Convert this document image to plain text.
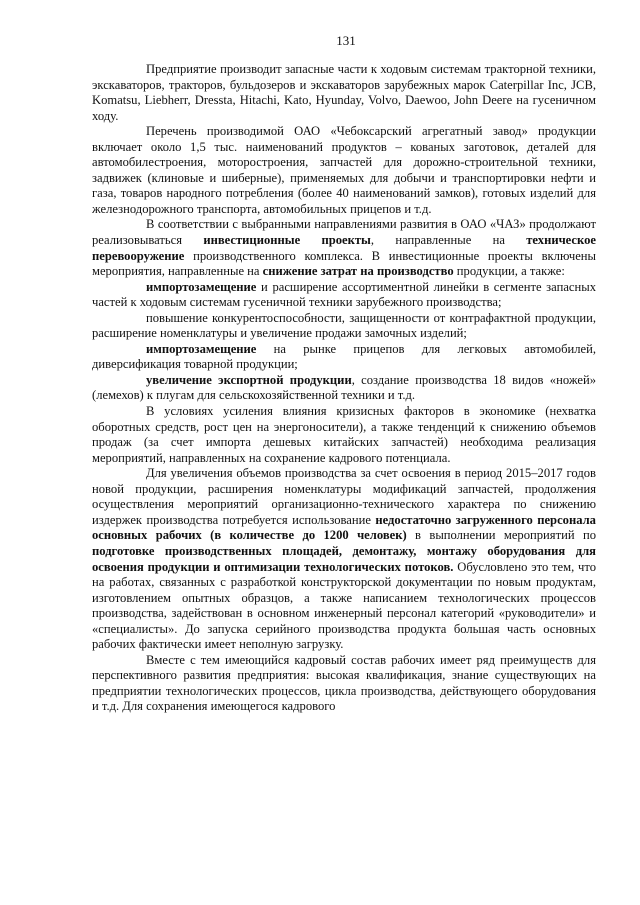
131

Предприятие производит запасные части к ходовым системам тракторной техники, экскаваторов, тракторов, бульдозеров и экскаваторов зарубежных марок Caterpillar Inc, JCB, Komatsu, Liebherr, Dressta, Hitachi, Kato, Hyunday, Volvo, Daewoo, John Deere на гусеничном ходу.

Перечень производимой ОАО «Чебоксарский агрегатный завод» продукции включает около 1,5 тыс. наименований продуктов – кованых заготовок, деталей для автомобилестроения, моторостроения, запчастей для дорожно-строительной техники, задвижек (клиновые и шиберные), применяемых для добычи и транспортировки нефти и газа, товаров народного потребления (более 40 наименований замков), готовых изделий для железнодорожного транспорта, автомобильных прицепов и т.д.

В соответствии с выбранными направлениями развития в ОАО «ЧАЗ» продолжают реализовываться инвестиционные проекты, направленные на техническое перевооружение производственного комплекса. В инвестиционные проекты включены мероприятия, направленные на снижение затрат на производство продукции, а также:

импортозамещение и расширение ассортиментной линейки в сегменте запасных частей к ходовым системам гусеничной техники зарубежного производства;

повышение конкурентоспособности, защищенности от контрафактной продукции, расширение номенклатуры и увеличение продажи замочных изделий;

импортозамещение на рынке прицепов для легковых автомобилей, диверсификация товарной продукции;

увеличение экспортной продукции, создание производства 18 видов «ножей» (лемехов) к плугам для сельскохозяйственной техники и т.д.

В условиях усиления влияния кризисных факторов в экономике (нехватка оборотных средств, рост цен на энергоносители), а также тенденций к снижению объемов продаж (за счет импорта дешевых китайских запчастей) необходима реализация мероприятий, направленных на сохранение кадрового потенциала.

Для увеличения объемов производства за счет освоения в период 2015–2017 годов новой продукции, расширения номенклатуры модификаций запчастей, продолжения осуществления мероприятий организационно-технического характера по снижению издержек производства потребуется использование недостаточно загруженного персонала основных рабочих (в количестве до 1200 человек) в выполнении мероприятий по подготовке производственных площадей, демонтажу, монтажу оборудования для освоения продукции и оптимизации технологических потоков. Обусловлено это тем, что на работах, связанных с разработкой конструкторской документации по новым продуктам, изготовлением опытных образцов, а также написанием технологических процессов производства, задействован в основном инженерный персонал категорий «руководители» и «специалисты». До запуска серийного производства продукта большая часть основных рабочих фактически имеет неполную загрузку.

Вместе с тем имеющийся кадровый состав рабочих имеет ряд преимуществ для перспективного развития предприятия: высокая квалификация, знание существующих на предприятии технологических процессов, цикла производства, действующего оборудования и т.д. Для сохранения имеющегося кадрового
